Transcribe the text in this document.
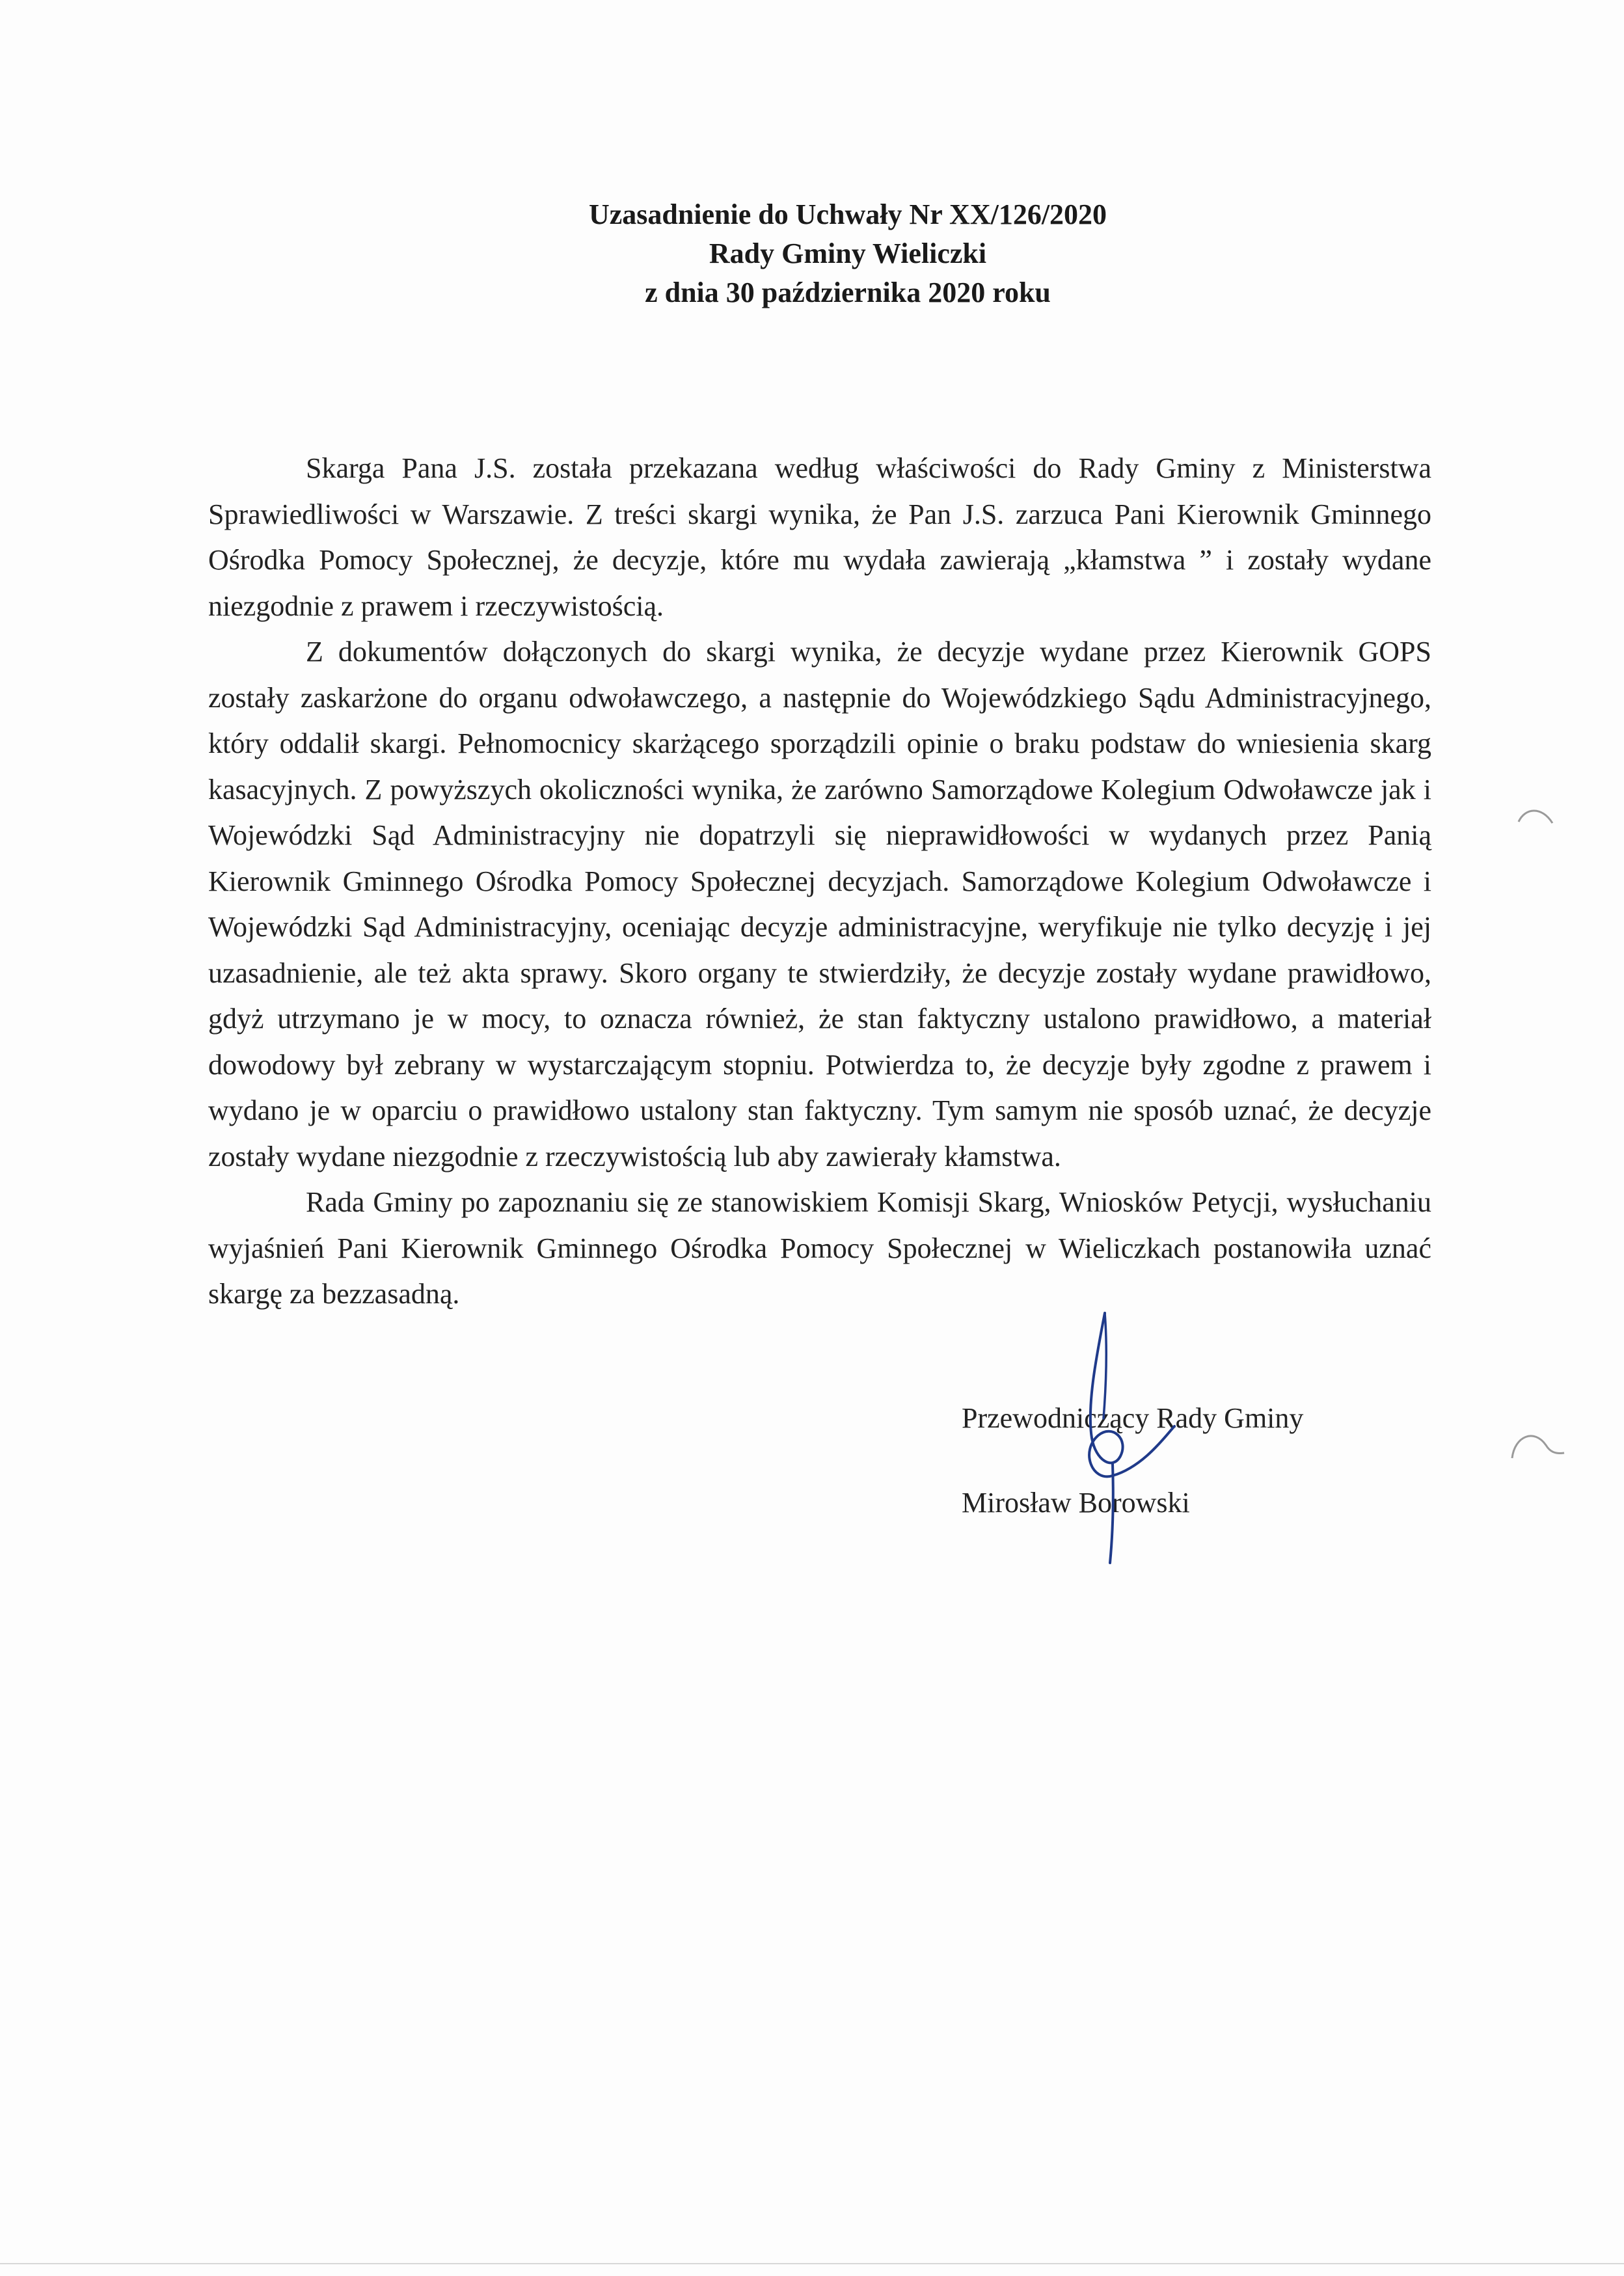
Uzasadnienie do Uchwały Nr XX/126/2020
Rady Gminy Wieliczki
z dnia 30 października 2020 roku

Skarga Pana J.S. została przekazana według właściwości do Rady Gminy z Ministerstwa Sprawiedliwości w Warszawie. Z treści skargi wynika, że Pan J.S. zarzuca Pani Kierownik Gminnego Ośrodka Pomocy Społecznej, że decyzje, które mu wydała zawierają „kłamstwa ” i zostały wydane niezgodnie z prawem i rzeczywistością.

Z dokumentów dołączonych do skargi wynika, że decyzje wydane przez Kierownik GOPS zostały zaskarżone do organu odwoławczego, a następnie do Wojewódzkiego Sądu Administracyjnego, który oddalił skargi. Pełnomocnicy skarżącego sporządzili opinie o braku podstaw do wniesienia skarg kasacyjnych. Z powyższych okoliczności wynika, że zarówno Samorządowe Kolegium Odwoławcze jak i Wojewódzki Sąd Administracyjny nie dopatrzyli się nieprawidłowości w wydanych przez Panią Kierownik Gminnego Ośrodka Pomocy Społecznej decyzjach. Samorządowe Kolegium Odwoławcze i Wojewódzki Sąd Administracyjny, oceniając decyzje administracyjne, weryfikuje nie tylko decyzję i jej uzasadnienie, ale też akta sprawy. Skoro organy te stwierdziły, że decyzje zostały wydane prawidłowo, gdyż utrzymano je w mocy, to oznacza również, że stan faktyczny ustalono prawidłowo, a materiał dowodowy był zebrany w wystarczającym stopniu. Potwierdza to, że decyzje były zgodne z prawem i wydano je w oparciu o prawidłowo ustalony stan faktyczny. Tym samym nie sposób uznać, że decyzje zostały wydane niezgodnie z rzeczywistością lub aby zawierały kłamstwa.

Rada Gminy po zapoznaniu się ze stanowiskiem Komisji Skarg, Wniosków Petycji, wysłuchaniu wyjaśnień Pani Kierownik Gminnego Ośrodka Pomocy Społecznej w Wieliczkach postanowiła uznać skargę za bezzasadną.

Przewodniczący Rady Gminy
Mirosław Borowski
